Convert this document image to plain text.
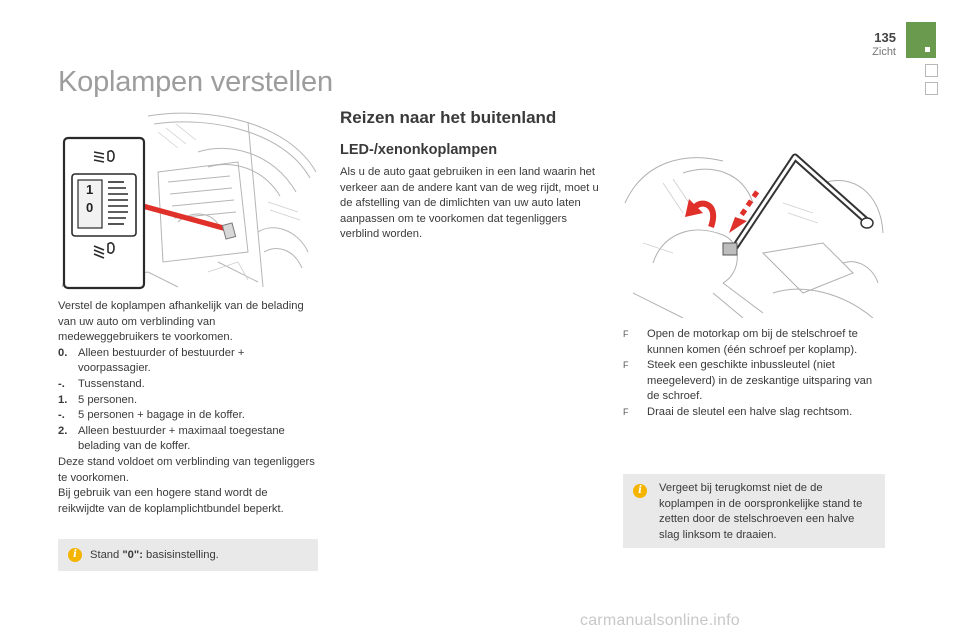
135
Zicht
Koplampen verstellen
1
0
Verstel de koplampen afhankelijk van de belading van uw auto om verblinding van medeweggebruikers te voorkomen.
0. Alleen bestuurder of bestuurder + voorpassagier.
-. Tussenstand.
1. 5 personen.
-. 5 personen + bagage in de koffer.
2. Alleen bestuurder + maximaal toegestane belading van de koffer.
Deze stand voldoet om verblinding van tegenliggers te voorkomen.
Bij gebruik van een hogere stand wordt de reikwijdte van de koplamplichtbundel beperkt.
i	Stand "0": basisinstelling.
Reizen naar het buitenland
LED-/xenonkoplampen
Als u de auto gaat gebruiken in een land waarin het verkeer aan de andere kant van de weg rijdt, moet u de afstelling van de dimlichten van uw auto laten aanpassen om te voorkomen dat tegenliggers verblind worden.
F Open de motorkap om bij de stelschroef te kunnen komen (één schroef per koplamp).
F Steek een geschikte inbussleutel (niet meegeleverd) in de zeskantige uitsparing van de schroef.
F Draai de sleutel een halve slag rechtsom.
i	Vergeet bij terugkomst niet de de koplampen in de oorspronkelijke stand te zetten door de stelschroeven een halve slag linksom te draaien.
carmanualsonline.info
